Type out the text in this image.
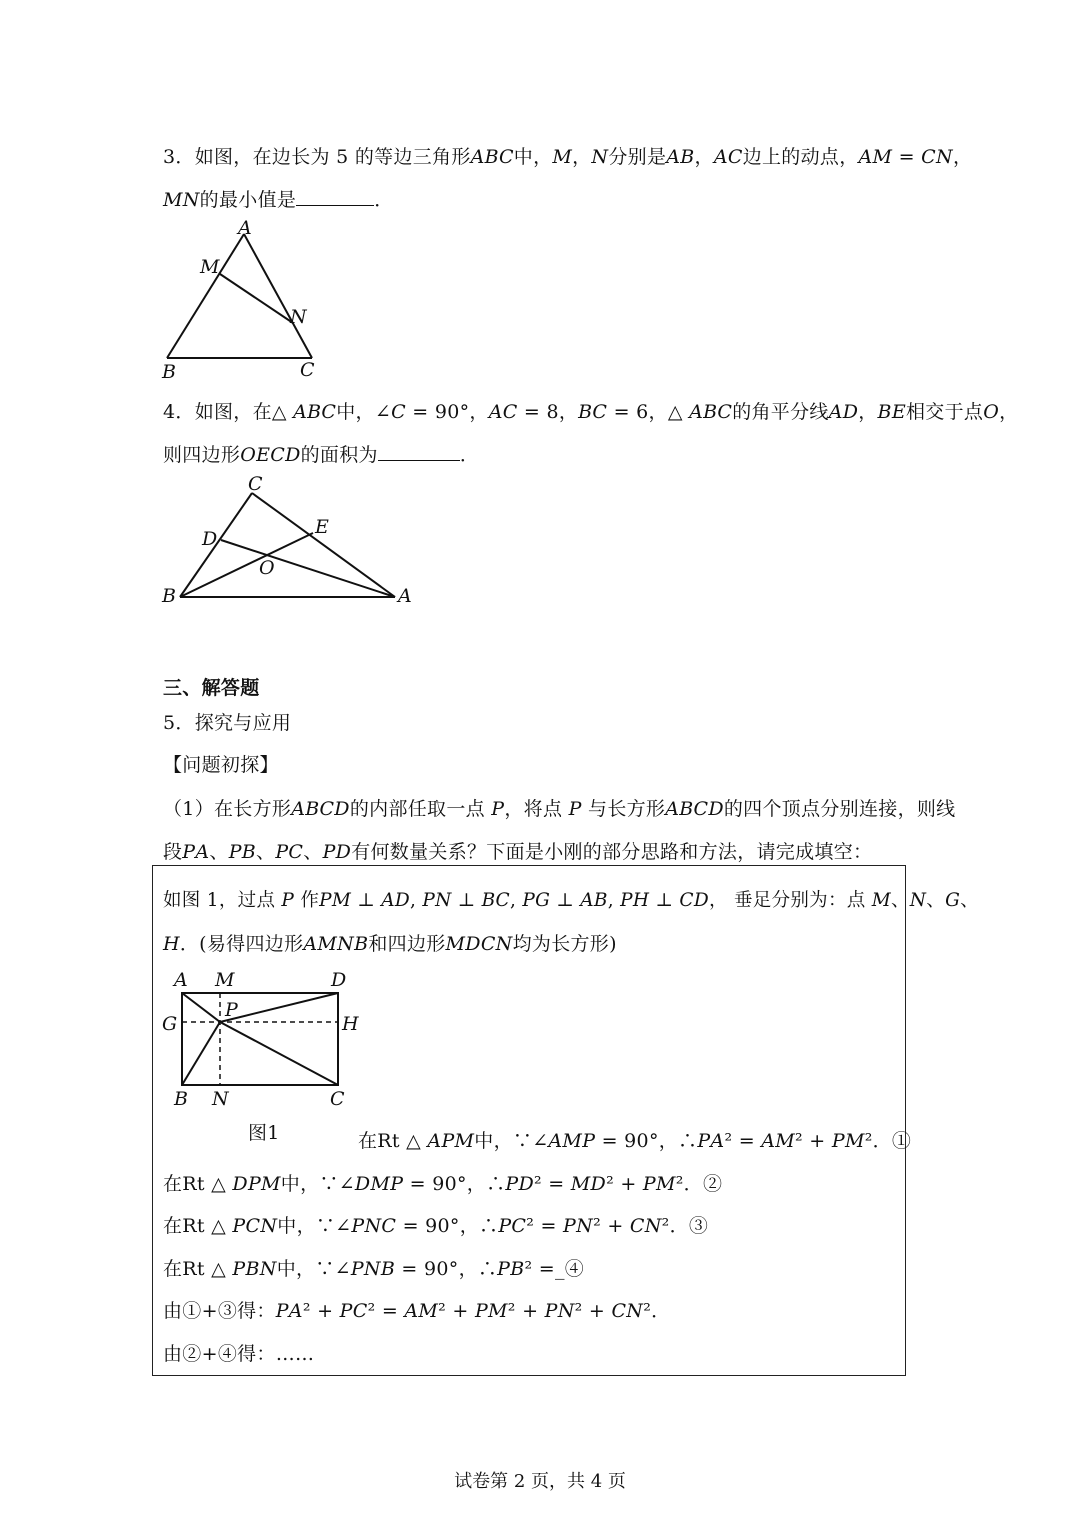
3．如图，在边长为 5 的等边三角形𝐴𝐵𝐶中，𝑀，𝑁分别是𝐴𝐵，𝐴𝐶边上的动点，𝐴𝑀 = 𝐶𝑁，
𝑀𝑁的最小值是	．
A
M
N
B	C
4．如图，在△ 𝐴𝐵𝐶中，∠𝐶 = 90°，𝐴𝐶 = 8，𝐵𝐶 = 6，△ 𝐴𝐵𝐶的角平分线𝐴𝐷，𝐵𝐸相交于点𝑂，
则四边形𝑂𝐸𝐶𝐷的面积为	．
C
D
E
O
B	A
三、解答题
5．探究与应用
【问题初探】
（1）在长方形𝐴𝐵𝐶𝐷的内部任取一点 𝑃，将点 𝑃 与长方形𝐴𝐵𝐶𝐷的四个顶点分别连接，则线
段𝑃𝐴、𝑃𝐵、𝑃𝐶、𝑃𝐷有何数量关系？下面是小刚的部分思路和方法，请完成填空：
如图 1，过点 𝑃 作𝑃𝑀 ⊥ 𝐴𝐷, 𝑃𝑁 ⊥ 𝐵𝐶, 𝑃𝐺 ⊥ 𝐴𝐵, 𝑃𝐻 ⊥ 𝐶𝐷， 垂足分别为：点 𝑀、𝑁、𝐺、
𝐻．(易得四边形𝐴𝑀𝑁𝐵和四边形𝑀𝐷𝐶𝑁均为长方形)
A M	D
P
G	H
B N	C
图1	在Rt △ 𝐴𝑃𝑀中，∵∠𝐴𝑀𝑃 = 90°，∴𝑃𝐴² = 𝐴𝑀² + 𝑃𝑀²．①
在Rt △ 𝐷𝑃𝑀中，∵∠𝐷𝑀𝑃 = 90°，∴𝑃𝐷² = 𝑀𝐷² + 𝑃𝑀²．②
在Rt △ 𝑃𝐶𝑁中，∵∠𝑃𝑁𝐶 = 90°，∴𝑃𝐶² = 𝑃𝑁² + 𝐶𝑁²．③
在Rt △ 𝑃𝐵𝑁中，∵∠𝑃𝑁𝐵 = 90°，∴𝑃𝐵² =_④
由①+③得：𝑃𝐴² + 𝑃𝐶² = 𝐴𝑀² + 𝑃𝑀² + 𝑃𝑁² + 𝐶𝑁²．
由②+④得：……
试卷第 2 页，共 4 页
